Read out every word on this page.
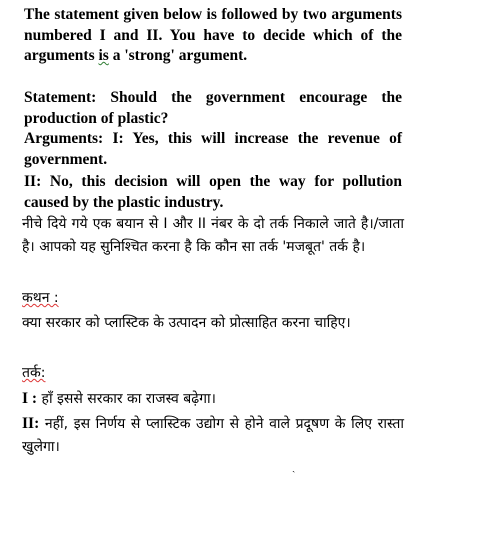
The statement given below is followed by two arguments numbered I and II. You have to decide which of the arguments is a 'strong' argument.

Statement: Should the government encourage the production of plastic?

Arguments: I: Yes, this will increase the revenue of government.

II: No, this decision will open the way for pollution caused by the plastic industry.

नीचे दिये गये एक बयान से I और II नंबर के दो तर्क निकाले जाते है।/जाता है। आपको यह सुनिश्चित करना है कि कौन सा तर्क 'मजबूत' तर्क है।

कथन :

क्या सरकार को प्लास्टिक के उत्पादन को प्रोत्साहित करना चाहिए।

तर्क:

I : हाँ इससे सरकार का राजस्व बढ़ेगा।

II: नहीं, इस निर्णय से प्लास्टिक उद्योग से होने वाले प्रदूषण के लिए रास्ता खुलेगा।

ˎ
